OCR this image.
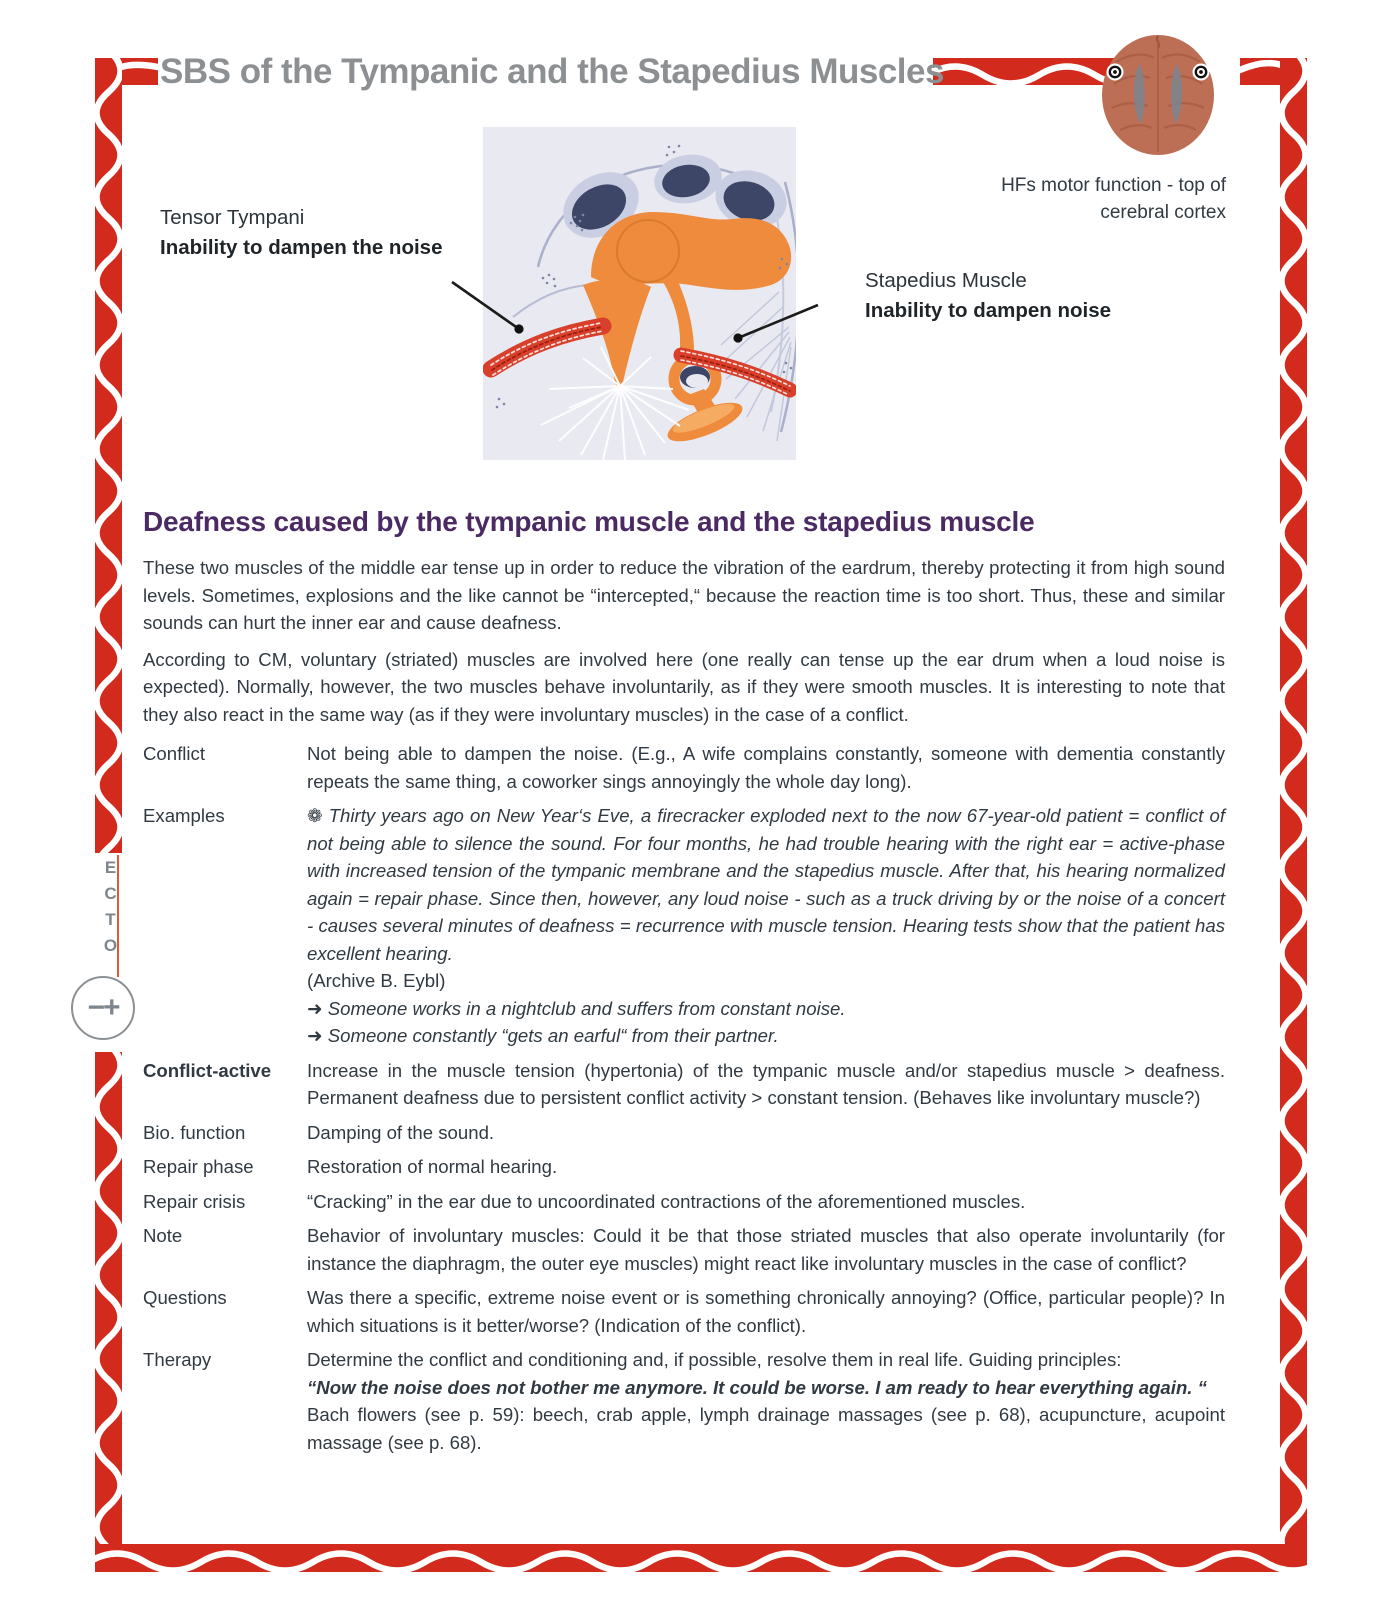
SBS of the Tympanic and the Stapedius Muscles
HFs motor function - top of
cerebral cortex
Tensor Tympani
Inability to dampen the noise
Stapedius Muscle
Inability to dampen noise
ECTO
−+
Deafness caused by the tympanic muscle and the stapedius muscle

These two muscles of the middle ear tense up in order to reduce the vibration of the eardrum, thereby protecting it from high sound levels. Sometimes, explosions and the like cannot be “intercepted,“ because the reaction time is too short. Thus, these and similar sounds can hurt the inner ear and cause deafness.

According to CM, voluntary (striated) muscles are involved here (one really can tense up the ear drum when a loud noise is expected). Normally, however, the two muscles behave involuntarily, as if they were smooth muscles. It is interesting to note that they also react in the same way (as if they were involuntary muscles) in the case of a conflict.

Conflict	Not being able to dampen the noise. (E.g., A wife complains constantly, someone with dementia constantly repeats the same thing, a coworker sings annoyingly the whole day long).
Examples	❁ Thirty years ago on New Year‘s Eve, a firecracker exploded next to the now 67-year-old patient = conflict of not being able to silence the sound. For four months, he had trouble hearing with the right ear = active-phase with increased tension of the tympanic membrane and the stapedius muscle. After that, his hearing normalized again = repair phase. Since then, however, any loud noise - such as a truck driving by or the noise of a concert - causes several minutes of deafness = recurrence with muscle tension. Hearing tests show that the patient has excellent hearing.
(Archive B. Eybl)
➜ Someone works in a nightclub and suffers from constant noise.
➜ Someone constantly “gets an earful“ from their partner.
Conflict-active	Increase in the muscle tension (hypertonia) of the tympanic muscle and/or stapedius muscle > deafness. Permanent deafness due to persistent conflict activity > constant tension. (Behaves like involuntary muscle?)
Bio. function	Damping of the sound.
Repair phase	Restoration of normal hearing.
Repair crisis	“Cracking” in the ear due to uncoordinated contractions of the aforementioned muscles.
Note	Behavior of involuntary muscles: Could it be that those striated muscles that also operate involuntarily (for instance the diaphragm, the outer eye muscles) might react like involuntary muscles in the case of conflict?
Questions	Was there a specific, extreme noise event or is something chronically annoying? (Office, particular people)? In which situations is it better/worse? (Indication of the conflict).
Therapy	Determine the conflict and conditioning and, if possible, resolve them in real life. Guiding principles:
“Now the noise does not bother me anymore. It could be worse. I am ready to hear everything again. “
Bach flowers (see p. 59): beech, crab apple, lymph drainage massages (see p. 68), acupuncture, acupoint massage (see p. 68).
